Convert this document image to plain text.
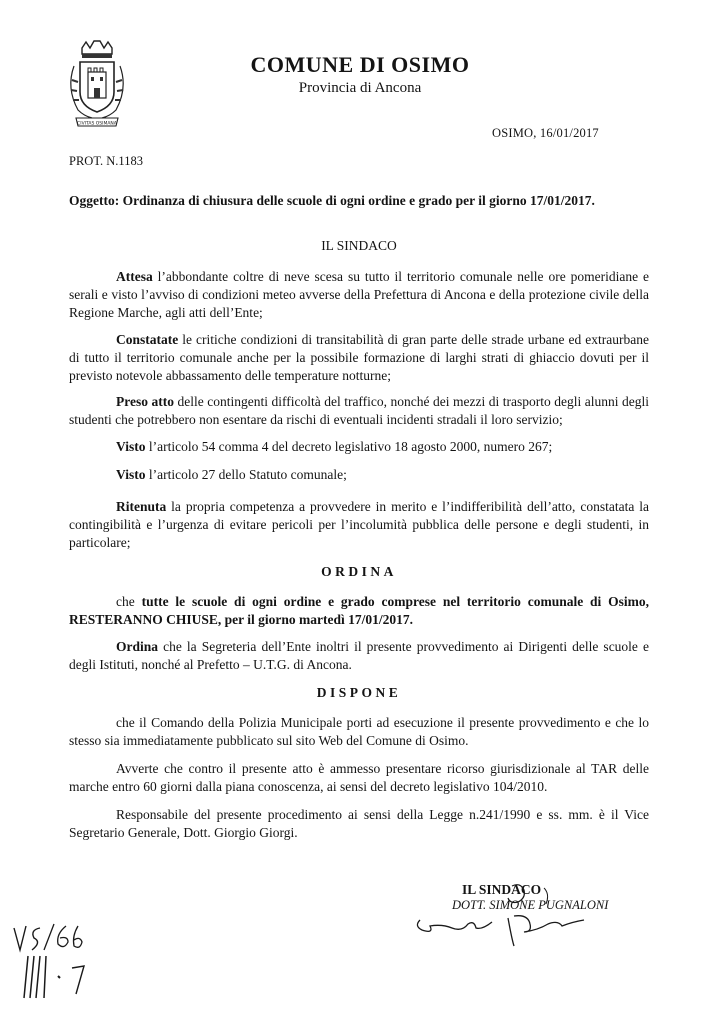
CIVITAS OSIMANA
COMUNE DI OSIMO
Provincia di Ancona
OSIMO, 16/01/2017
PROT. N.1183
Oggetto: Ordinanza di chiusura delle scuole di ogni ordine e grado per il giorno 17/01/2017.
IL SINDACO

Attesa l’abbondante coltre di neve scesa su tutto il territorio comunale nelle ore pomeridiane e serali e visto l’avviso di condizioni meteo avverse della Prefettura di Ancona e della protezione civile della Regione Marche, agli atti dell’Ente;

Constatate le critiche condizioni di transitabilità di gran parte delle strade urbane ed extraurbane di tutto il territorio comunale anche per la possibile formazione di larghi strati di ghiaccio dovuti per il previsto notevole abbassamento delle temperature notturne;

Preso atto delle contingenti difficoltà del traffico, nonché dei mezzi di trasporto degli alunni degli studenti che potrebbero non esentare da rischi di eventuali incidenti stradali il loro servizio;

Visto l’articolo 54 comma 4 del decreto legislativo 18 agosto 2000, numero 267;

Visto l’articolo 27 dello Statuto comunale;

Ritenuta la propria competenza a provvedere in merito e l’indifferibilità dell’atto, constatata la contingibilità e l’urgenza di evitare pericoli per l’incolumità pubblica delle persone e degli studenti, in particolare;

ORDINA

che tutte le scuole di ogni ordine e grado comprese nel territorio comunale di Osimo, RESTERANNO CHIUSE, per il giorno martedì 17/01/2017.

Ordina che la Segreteria dell’Ente inoltri il presente provvedimento ai Dirigenti delle scuole e degli Istituti, nonché al Prefetto – U.T.G. di Ancona.

DISPONE

che il Comando della Polizia Municipale porti ad esecuzione il presente provvedimento e che lo stesso sia immediatamente pubblicato sul sito Web del Comune di Osimo.

Avverte che contro il presente atto è ammesso presentare ricorso giurisdizionale al TAR delle marche entro 60 giorni dalla piana conoscenza, ai sensi del decreto legislativo 104/2010.

Responsabile del presente procedimento ai sensi della Legge n.241/1990 e ss. mm. è il Vice Segretario Generale, Dott. Giorgio Giorgi.

IL SINDACO
DOTT. SIMONE PUGNALONI
